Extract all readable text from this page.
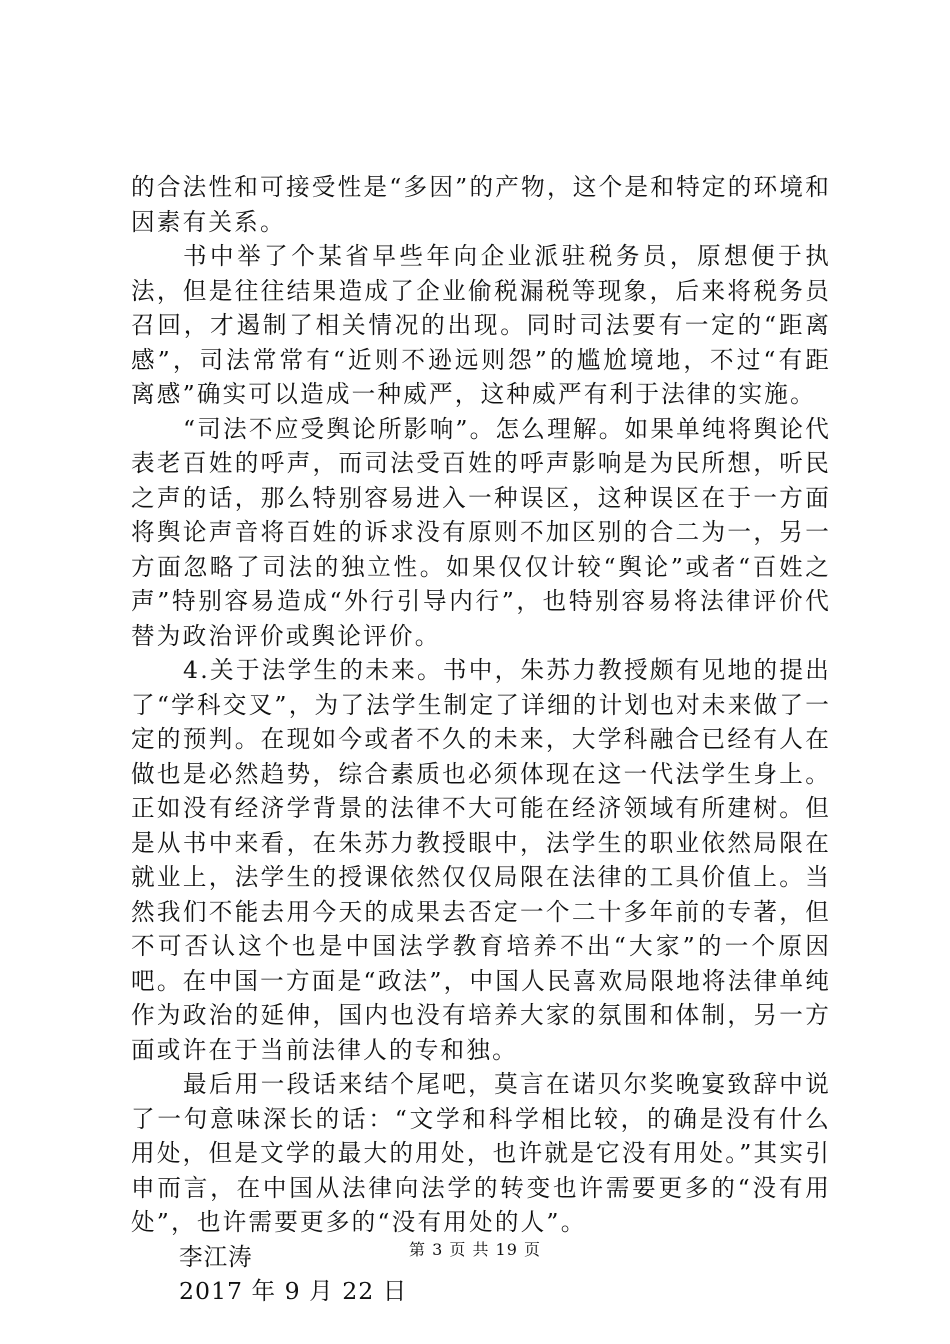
的合法性和可接受性是“多因”的产物，这个是和特定的环境和因素有关系。

书中举了个某省早些年向企业派驻税务员，原想便于执法，但是往往结果造成了企业偷税漏税等现象，后来将税务员召回，才遏制了相关情况的出现。同时司法要有一定的“距离感”，司法常常有“近则不逊远则怨”的尴尬境地，不过“有距离感”确实可以造成一种威严，这种威严有利于法律的实施。

“司法不应受舆论所影响”。怎么理解。如果单纯将舆论代表老百姓的呼声，而司法受百姓的呼声影响是为民所想，听民之声的话，那么特别容易进入一种误区，这种误区在于一方面将舆论声音将百姓的诉求没有原则不加区别的合二为一，另一方面忽略了司法的独立性。如果仅仅计较“舆论”或者“百姓之声”特别容易造成“外行引导内行”，也特别容易将法律评价代替为政治评价或舆论评价。

4.关于法学生的未来。书中，朱苏力教授颇有见地的提出了“学科交叉”，为了法学生制定了详细的计划也对未来做了一定的预判。在现如今或者不久的未来，大学科融合已经有人在做也是必然趋势，综合素质也必须体现在这一代法学生身上。正如没有经济学背景的法律不大可能在经济领域有所建树。但是从书中来看，在朱苏力教授眼中，法学生的职业依然局限在就业上，法学生的授课依然仅仅局限在法律的工具价值上。当然我们不能去用今天的成果去否定一个二十多年前的专著，但不可否认这个也是中国法学教育培养不出“大家”的一个原因吧。在中国一方面是“政法”，中国人民喜欢局限地将法律单纯作为政治的延伸，国内也没有培养大家的氛围和体制，另一方面或许在于当前法律人的专和独。

最后用一段话来结个尾吧，莫言在诺贝尔奖晚宴致辞中说了一句意味深长的话：“文学和科学相比较，的确是没有什么用处，但是文学的最大的用处，也许就是它没有用处。”其实引申而言，在中国从法律向法学的转变也许需要更多的“没有用处”，也许需要更多的“没有用处的人”。

李江涛

2017 年 9 月 22 日

第 3 页 共 19 页
